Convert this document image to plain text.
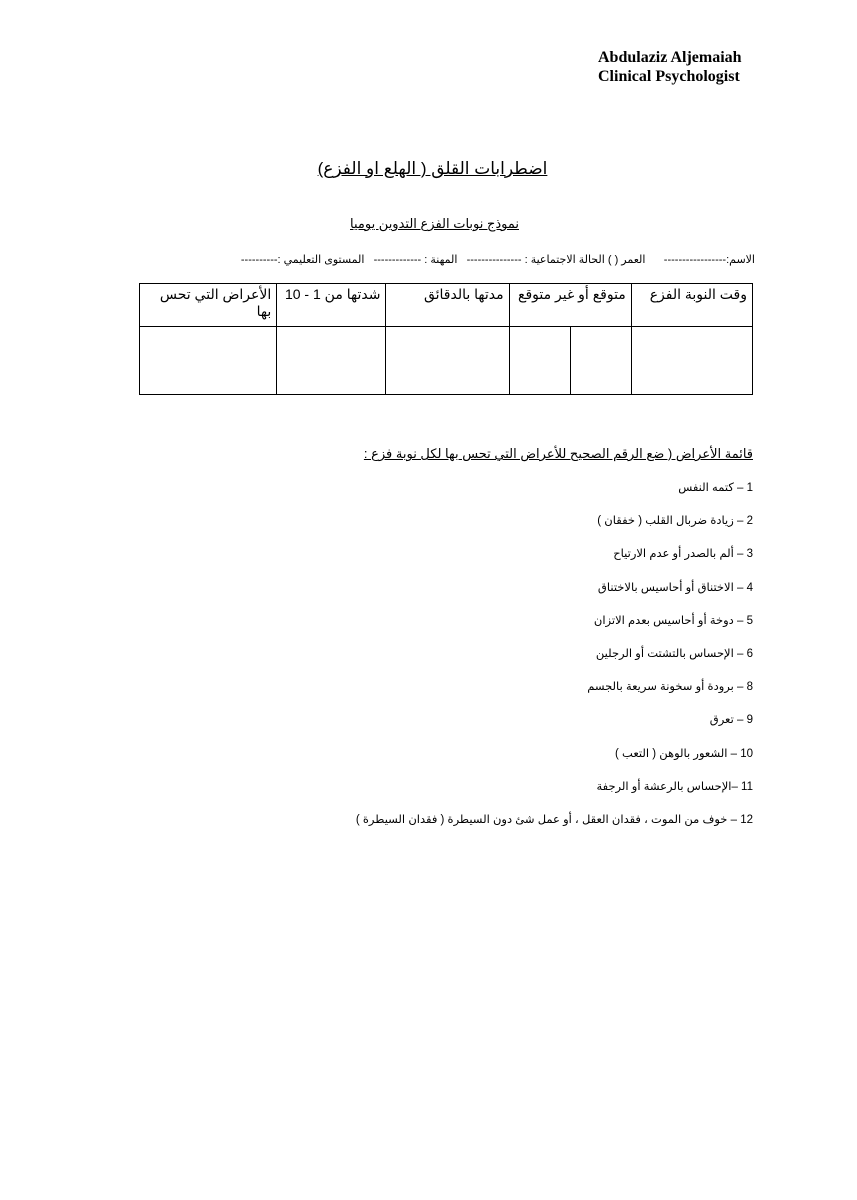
Abdulaziz Aljemaiah
Clinical Psychologist
اضطرابات القلق ( الهلع او الفزع)
نموذج نوبات الفزع التدوين يوميا
الاسم:-----------------      العمر ( ) الحالة الاجتماعية : ---------------   المهنة : -------------   المستوى التعليمي :----------
وقت النوبة الفزع	متوقع أو غير متوقع		مدتها بالدقائق	شدتها من 1 - 10	الأعراض التي تحس بها

قائمة الأعراض ( ضع الرقم الصحيح للأعراض التي تحس بها لكل نوبة فزع :
1 – كتمه النفس
2 – زيادة ضربال القلب ( خفقان )
3 – ألم بالصدر أو عدم الارتياح
4 – الاختناق أو أحاسيس بالاختناق
5 – دوخة أو أحاسيس بعدم الاتزان
6 – الإحساس بالتشتت أو الرجلين
8 – برودة أو سخونة سريعة بالجسم
9 – تعرق
10 – الشعور بالوهن ( التعب )
11 –الإحساس بالرعشة أو الرجفة
12 – خوف من الموت ، فقدان العقل ، أو عمل شئ دون السيطرة ( فقدان السيطرة )
